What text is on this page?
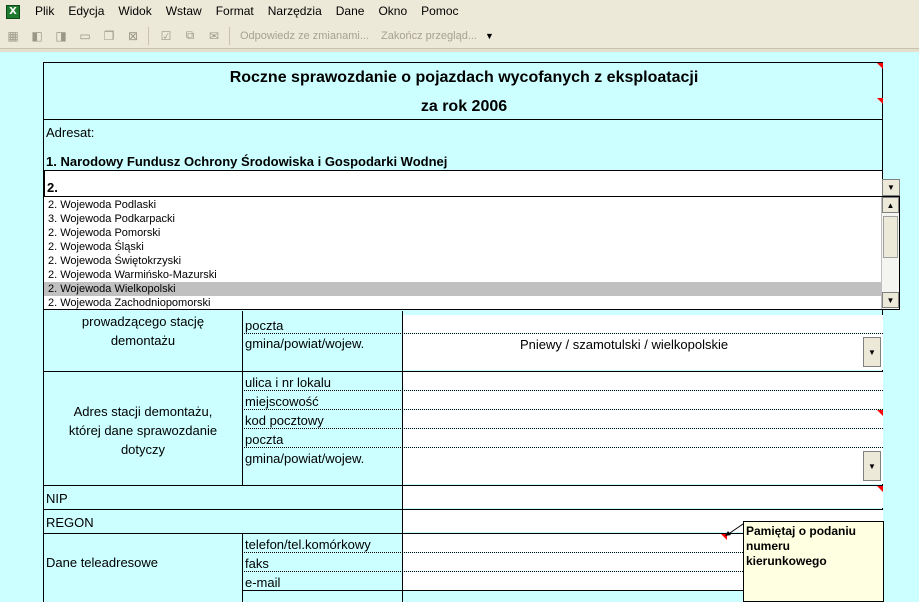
X	Plik	Edycja	Widok	Wstaw	Format	Narzędzia	Dane	Okno	Pomoc
▦ ◧ ◨ ▭	❐	⊠	☑	⧉	✉	Odpowiedz ze zmianami...	Zakończ przegląd... ▼
Roczne sprawozdanie o pojazdach wycofanych z eksploatacji
za rok 2006
Adresat:
1. Narodowy Fundusz Ochrony Środowiska i Gospodarki Wodnej
2.
prowadzącego stację
demontażu
poczta
gmina/powiat/wojew.	Pniewy / szamotulski / wielkopolskie	▼
Adres stacji demontażu,
której dane sprawozdanie
dotyczy
ulica i nr lokalu
miejscowość
kod pocztowy
poczta
gmina/powiat/wojew.	▼
NIP
REGON
Dane teleadresowe
telefon/tel.komórkowy
faks
e-mail
▼
2. Wojewoda Podlaski
3. Wojewoda Podkarpacki
2. Wojewoda Pomorski
2. Wojewoda Śląski
2. Wojewoda Świętokrzyski
2. Wojewoda Warmińsko-Mazurski
2. Wojewoda Wielkopolski
2. Wojewoda Zachodniopomorski
▲
▼
Pamiętaj o podaniu
numeru
kierunkowego
